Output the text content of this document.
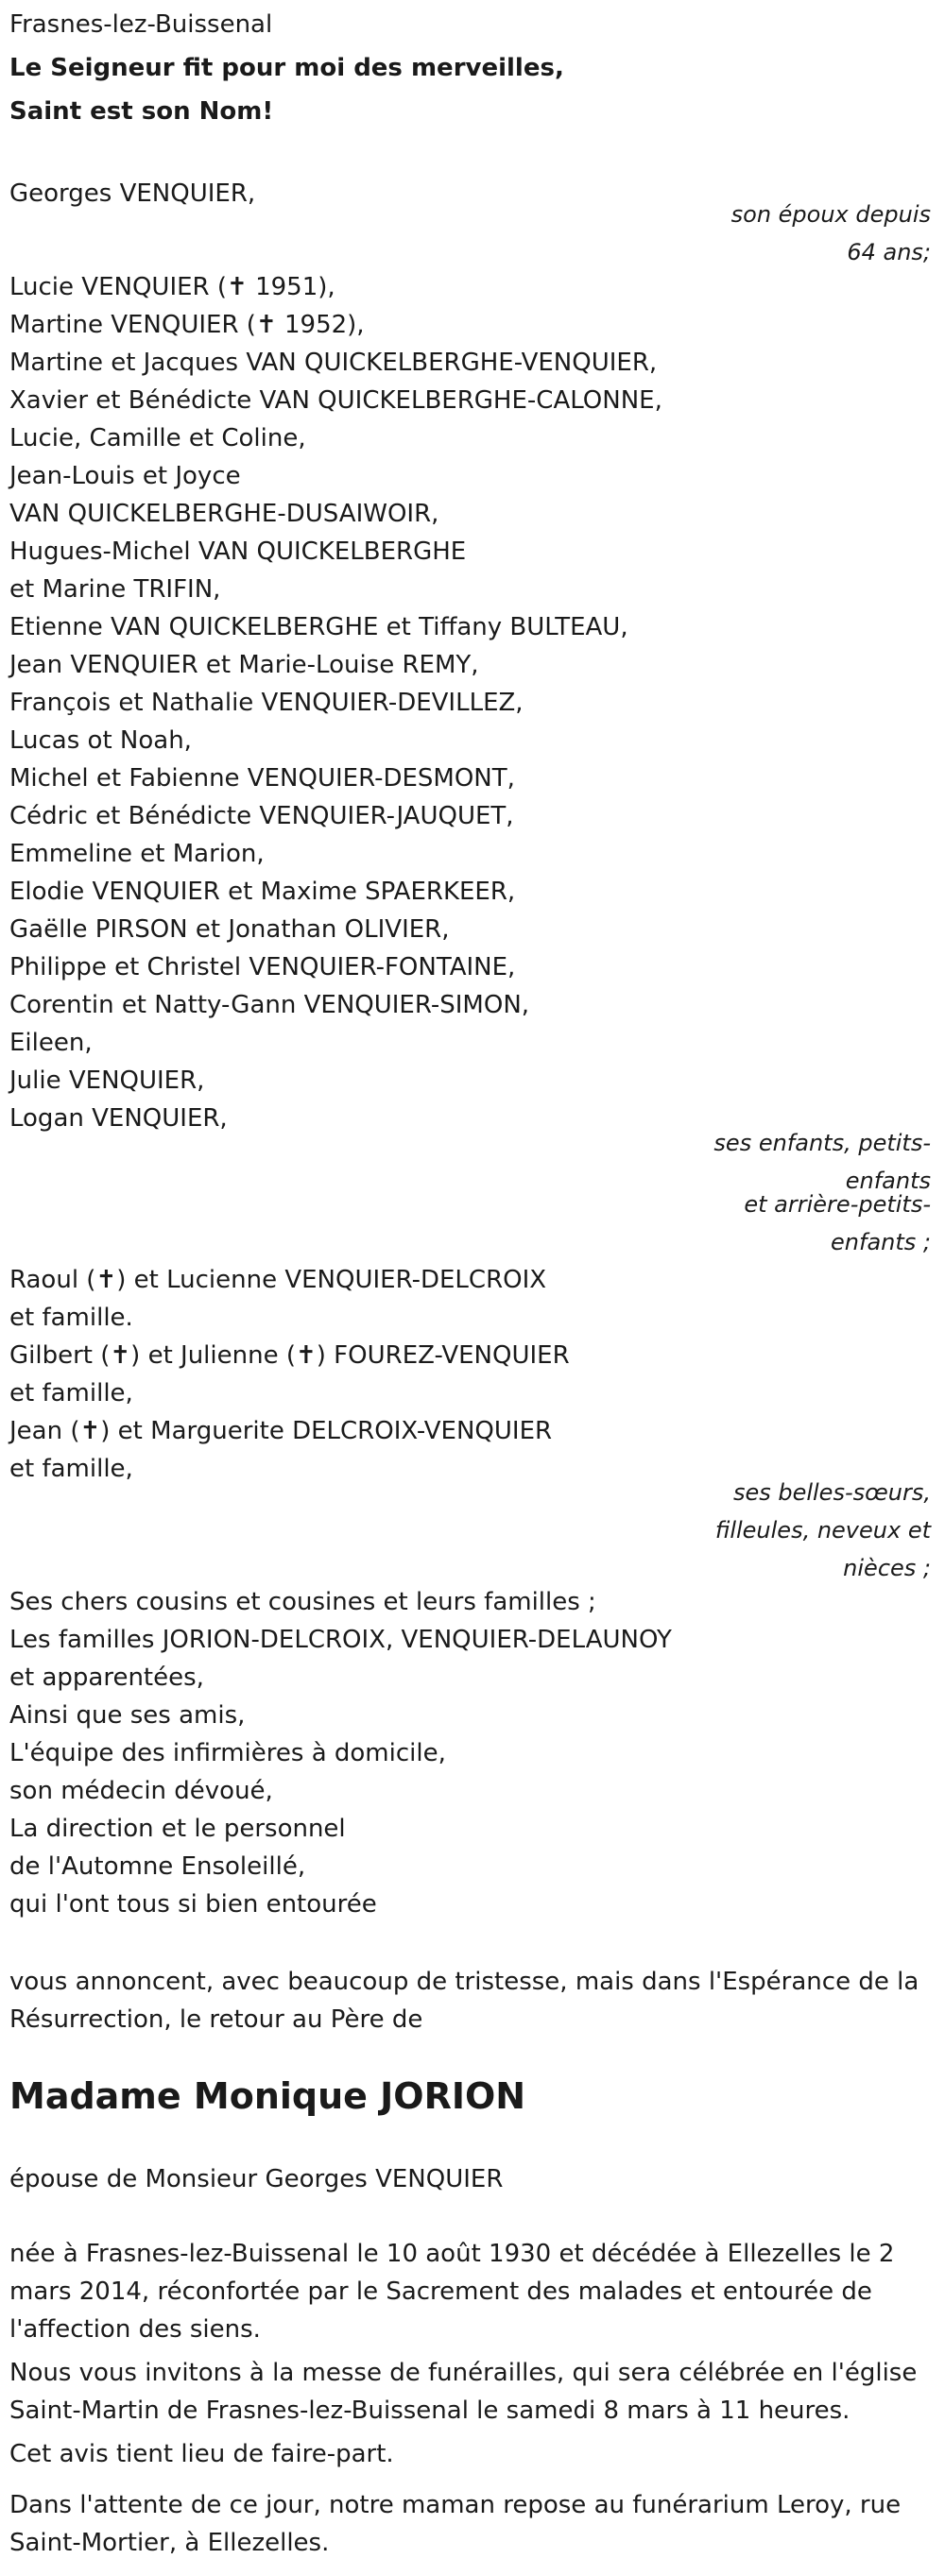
Frasnes-lez-Buissenal
Le Seigneur fit pour moi des merveilles,
Saint est son Nom!
Georges VENQUIER,
son époux depuis
64 ans;
Lucie VENQUIER (✝ 1951),
Martine VENQUIER (✝ 1952),
Martine et Jacques VAN QUICKELBERGHE-VENQUIER,
Xavier et Bénédicte VAN QUICKELBERGHE-CALONNE,
Lucie, Camille et Coline,
Jean-Louis et Joyce
VAN QUICKELBERGHE-DUSAIWOIR,
Hugues-Michel VAN QUICKELBERGHE
et Marine TRIFIN,
Etienne VAN QUICKELBERGHE et Tiffany BULTEAU,
Jean VENQUIER et Marie-Louise REMY,
François et Nathalie VENQUIER-DEVILLEZ,
Lucas ot Noah,
Michel et Fabienne VENQUIER-DESMONT,
Cédric et Bénédicte VENQUIER-JAUQUET,
Emmeline et Marion,
Elodie VENQUIER et Maxime SPAERKEER,
Gaëlle PIRSON et Jonathan OLIVIER,
Philippe et Christel VENQUIER-FONTAINE,
Corentin et Natty-Gann VENQUIER-SIMON,
Eileen,
Julie VENQUIER,
Logan VENQUIER,
ses enfants, petits-
enfants
et arrière-petits-
enfants ;
Raoul (✝) et Lucienne VENQUIER-DELCROIX
et famille.
Gilbert (✝) et Julienne (✝) FOUREZ-VENQUIER
et famille,
Jean (✝) et Marguerite DELCROIX-VENQUIER
et famille,
ses belles-sœurs,
filleules, neveux et
nièces ;
Ses chers cousins et cousines et leurs familles ;
Les familles JORION-DELCROIX, VENQUIER-DELAUNOY
et apparentées,
Ainsi que ses amis,
L'équipe des infirmières à domicile,
son médecin dévoué,
La direction et le personnel
de l'Automne Ensoleillé,
qui l'ont tous si bien entourée
vous annoncent, avec beaucoup de tristesse, mais dans l'Espérance de la Résurrection, le retour au Père de
Madame Monique JORION
épouse de Monsieur Georges VENQUIER
née à Frasnes-lez-Buissenal le 10 août 1930 et décédée à Ellezelles le 2 mars 2014, réconfortée par le Sacrement des malades et entourée de l'affection des siens.
Nous vous invitons à la messe de funérailles, qui sera célébrée en l'église Saint-Martin de Frasnes-lez-Buissenal le samedi 8 mars à 11 heures.
Cet avis tient lieu de faire-part.
Dans l'attente de ce jour, notre maman repose au funérarium Leroy, rue Saint-Mortier, à Ellezelles.
